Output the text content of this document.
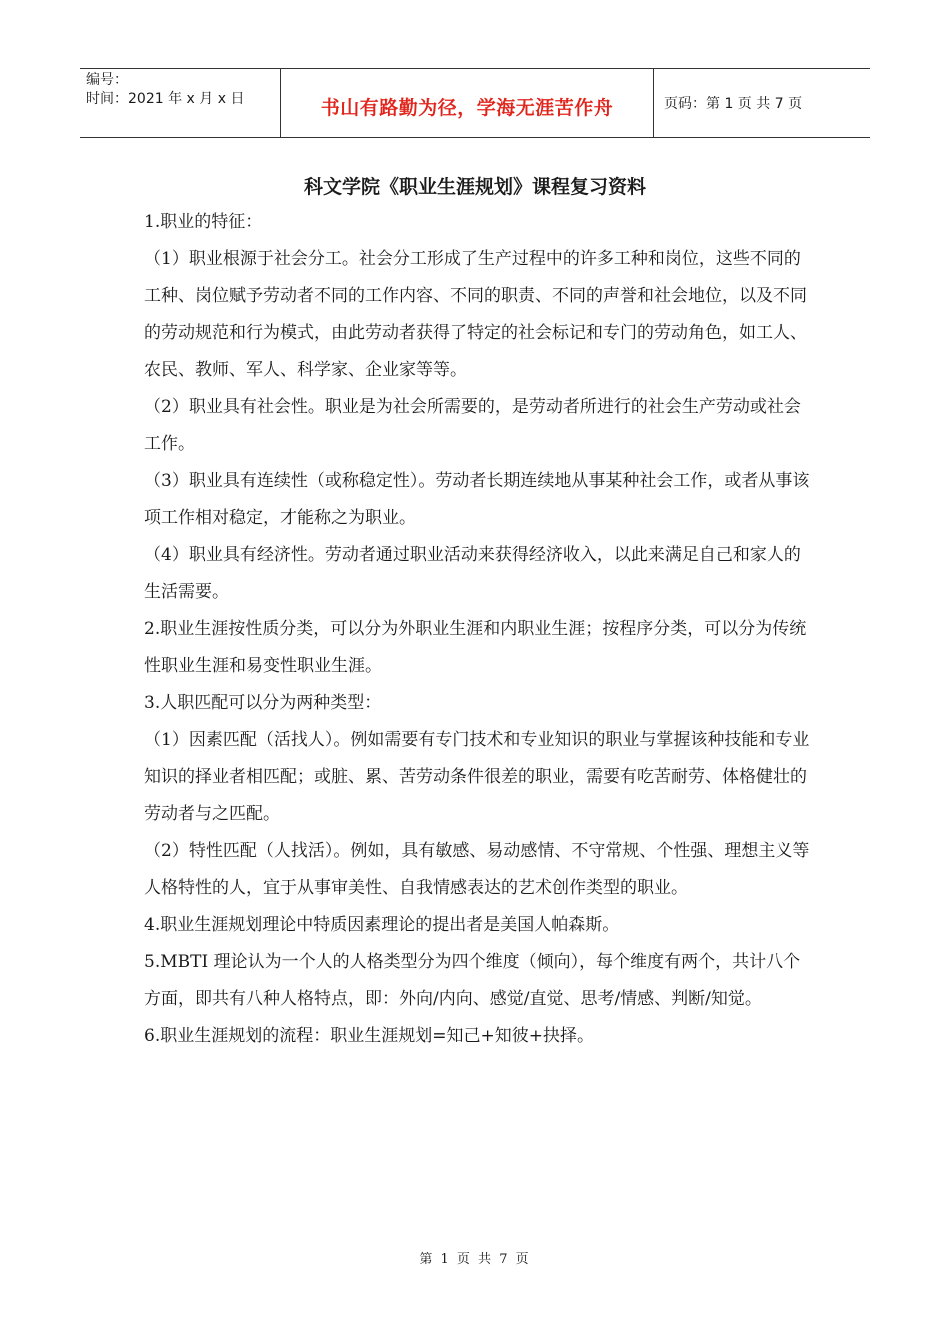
编号：
时间：2021 年 x 月 x 日	书山有路勤为径，学海无涯苦作舟	页码：第 1 页 共 7 页
科文学院《职业生涯规划》课程复习资料

1.职业的特征：

（1）职业根源于社会分工。社会分工形成了生产过程中的许多工种和岗位，这些不同的工种、岗位赋予劳动者不同的工作内容、不同的职责、不同的声誉和社会地位，以及不同的劳动规范和行为模式，由此劳动者获得了特定的社会标记和专门的劳动角色，如工人、农民、教师、军人、科学家、企业家等等。

（2）职业具有社会性。职业是为社会所需要的，是劳动者所进行的社会生产劳动或社会工作。

（3）职业具有连续性（或称稳定性）。劳动者长期连续地从事某种社会工作，或者从事该项工作相对稳定，才能称之为职业。

（4）职业具有经济性。劳动者通过职业活动来获得经济收入，以此来满足自己和家人的生活需要。

2.职业生涯按性质分类，可以分为外职业生涯和内职业生涯；按程序分类，可以分为传统性职业生涯和易变性职业生涯。

3.人职匹配可以分为两种类型：

（1）因素匹配（活找人）。例如需要有专门技术和专业知识的职业与掌握该种技能和专业知识的择业者相匹配；或脏、累、苦劳动条件很差的职业，需要有吃苦耐劳、体格健壮的劳动者与之匹配。

（2）特性匹配（人找活）。例如，具有敏感、易动感情、不守常规、个性强、理想主义等人格特性的人，宜于从事审美性、自我情感表达的艺术创作类型的职业。

4.职业生涯规划理论中特质因素理论的提出者是美国人帕森斯。

5.MBTI 理论认为一个人的人格类型分为四个维度（倾向），每个维度有两个，共计八个方面，即共有八种人格特点，即：外向/内向、感觉/直觉、思考/情感、判断/知觉。

6.职业生涯规划的流程：职业生涯规划=知己+知彼+抉择。

第 1 页 共 7 页
